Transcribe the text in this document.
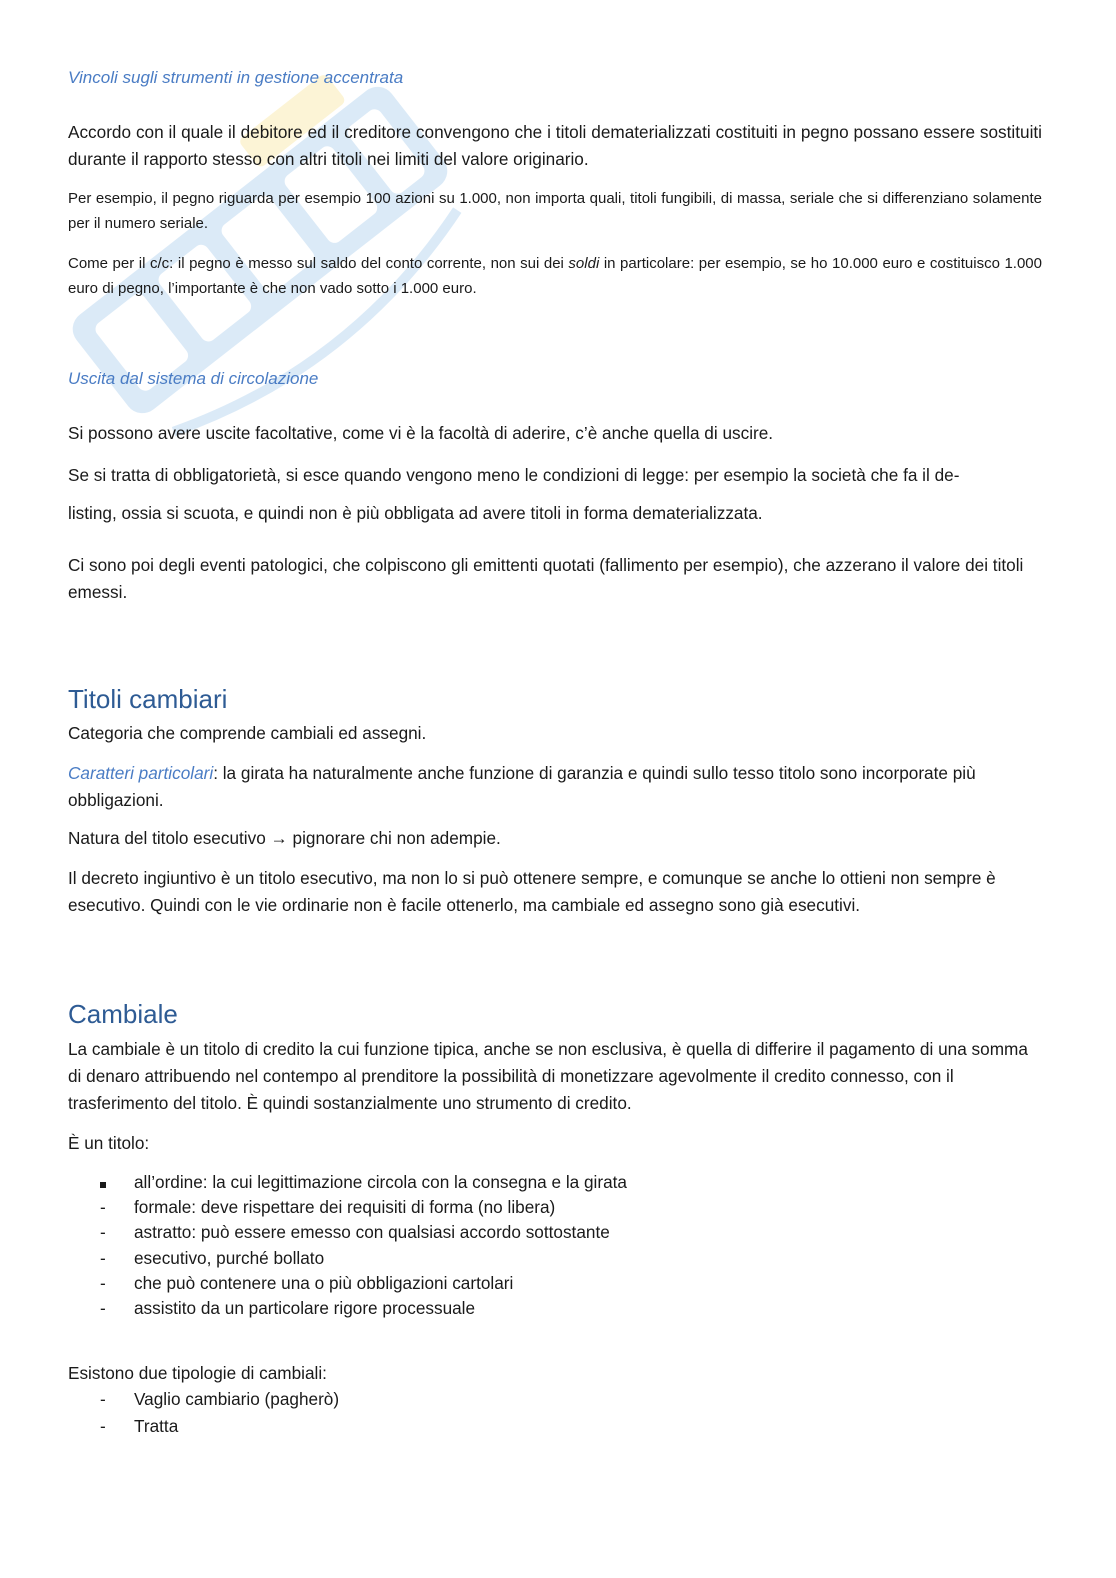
Vincoli sugli strumenti in gestione accentrata

Accordo con il quale il debitore ed il creditore convengono che i titoli dematerializzati costituiti in pegno possano essere sostituiti durante il rapporto stesso con altri titoli nei limiti del valore originario.

Per esempio, il pegno riguarda per esempio 100 azioni su 1.000, non importa quali, titoli fungibili, di massa, seriale che si differenziano solamente per il numero seriale.

Come per il c/c: il pegno è messo sul saldo del conto corrente, non sui dei soldi in particolare: per esempio, se ho 10.000 euro e costituisco 1.000 euro di pegno, l’importante è che non vado sotto i 1.000 euro.

Uscita dal sistema di circolazione

Si possono avere uscite facoltative, come vi è la facoltà di aderire, c’è anche quella di uscire.

Se si tratta di obbligatorietà, si esce quando vengono meno le condizioni di legge: per esempio la società che fa il de-

listing, ossia si scuota, e quindi non è più obbligata ad avere titoli in forma dematerializzata.

Ci sono poi degli eventi patologici, che colpiscono gli emittenti quotati (fallimento per esempio), che azzerano il valore dei titoli emessi.

Titoli cambiari

Categoria che comprende cambiali ed assegni.

Caratteri particolari: la girata ha naturalmente anche funzione di garanzia e quindi sullo tesso titolo sono incorporate più obbligazioni.

Natura del titolo esecutivo → pignorare chi non adempie.

Il decreto ingiuntivo è un titolo esecutivo, ma non lo si può ottenere sempre, e comunque se anche lo ottieni non sempre è esecutivo. Quindi con le vie ordinarie non è facile ottenerlo, ma cambiale ed assegno sono già esecutivi.

Cambiale

La cambiale è un titolo di credito la cui funzione tipica, anche se non esclusiva, è quella di differire il pagamento di una somma di denaro attribuendo nel contempo al prenditore la possibilità di monetizzare agevolmente il credito connesso, con il trasferimento del titolo. È quindi sostanzialmente uno strumento di credito.

È un titolo:

all’ordine: la cui legittimazione circola con la consegna e la girata
-	formale: deve rispettare dei requisiti di forma (no libera)
-	astratto: può essere emesso con qualsiasi accordo sottostante
-	esecutivo, purché bollato
-	che può contenere una o più obbligazioni cartolari
-	assistito da un particolare rigore processuale

Esistono due tipologie di cambiali:

-	Vaglio cambiario (pagherò)
-	Tratta
